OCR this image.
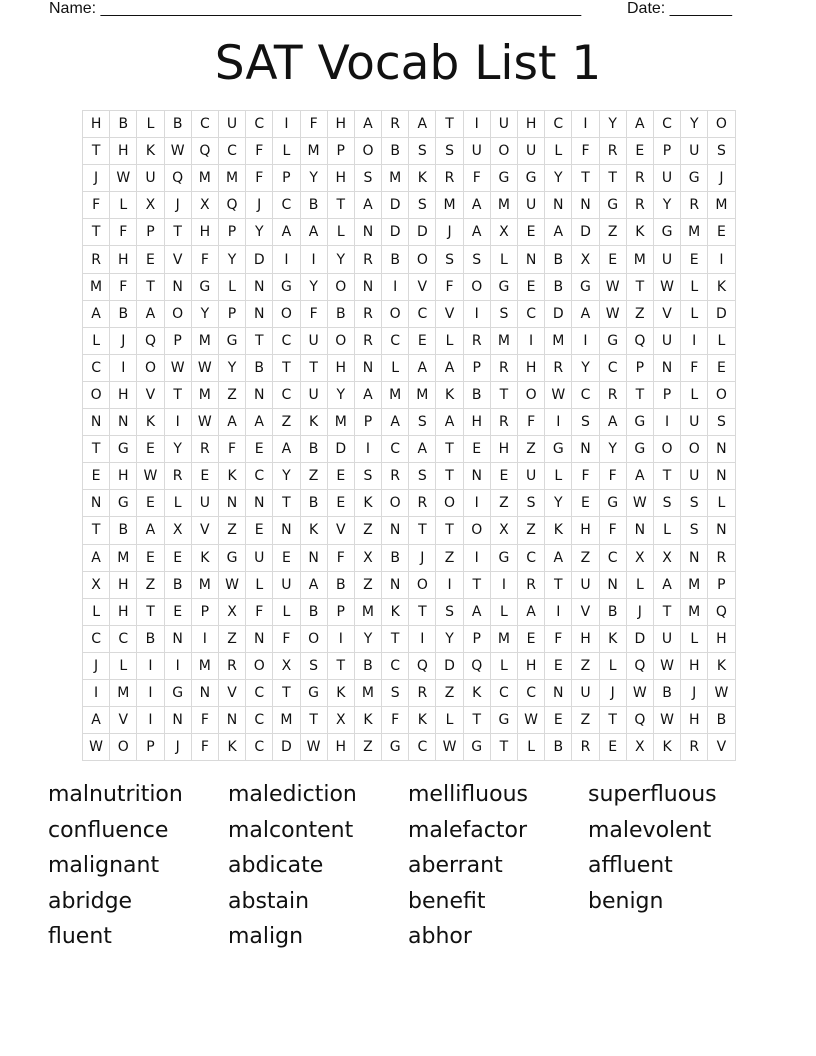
Name: ______________________________________________________	Date: _______
SAT Vocab List 1
H	B	L	B	C	U	C	I	F	H	A	R	A	T	I	U	H	C	I	Y	A	C	Y	O
T	H	K	W	Q	C	F	L	M	P	O	B	S	S	U	O	U	L	F	R	E	P	U	S
J	W	U	Q	M	M	F	P	Y	H	S	M	K	R	F	G	G	Y	T	T	R	U	G	J
F	L	X	J	X	Q	J	C	B	T	A	D	S	M	A	M	U	N	N	G	R	Y	R	M
T	F	P	T	H	P	Y	A	A	L	N	D	D	J	A	X	E	A	D	Z	K	G	M	E
R	H	E	V	F	Y	D	I	I	Y	R	B	O	S	S	L	N	B	X	E	M	U	E	I
M	F	T	N	G	L	N	G	Y	O	N	I	V	F	O	G	E	B	G	W	T	W	L	K
A	B	A	O	Y	P	N	O	F	B	R	O	C	V	I	S	C	D	A	W	Z	V	L	D
L	J	Q	P	M	G	T	C	U	O	R	C	E	L	R	M	I	M	I	G	Q	U	I	L
C	I	O	W	W	Y	B	T	T	H	N	L	A	A	P	R	H	R	Y	C	P	N	F	E
O	H	V	T	M	Z	N	C	U	Y	A	M	M	K	B	T	O	W	C	R	T	P	L	O
N	N	K	I	W	A	A	Z	K	M	P	A	S	A	H	R	F	I	S	A	G	I	U	S
T	G	E	Y	R	F	E	A	B	D	I	C	A	T	E	H	Z	G	N	Y	G	O	O	N
E	H	W	R	E	K	C	Y	Z	E	S	R	S	T	N	E	U	L	F	F	A	T	U	N
N	G	E	L	U	N	N	T	B	E	K	O	R	O	I	Z	S	Y	E	G	W	S	S	L
T	B	A	X	V	Z	E	N	K	V	Z	N	T	T	O	X	Z	K	H	F	N	L	S	N
A	M	E	E	K	G	U	E	N	F	X	B	J	Z	I	G	C	A	Z	C	X	X	N	R
X	H	Z	B	M	W	L	U	A	B	Z	N	O	I	T	I	R	T	U	N	L	A	M	P
L	H	T	E	P	X	F	L	B	P	M	K	T	S	A	L	A	I	V	B	J	T	M	Q
C	C	B	N	I	Z	N	F	O	I	Y	T	I	Y	P	M	E	F	H	K	D	U	L	H
J	L	I	I	M	R	O	X	S	T	B	C	Q	D	Q	L	H	E	Z	L	Q	W	H	K
I	M	I	G	N	V	C	T	G	K	M	S	R	Z	K	C	C	N	U	J	W	B	J	W
A	V	I	N	F	N	C	M	T	X	K	F	K	L	T	G	W	E	Z	T	Q	W	H	B
W	O	P	J	F	K	C	D	W	H	Z	G	C	W	G	T	L	B	R	E	X	K	R	V
malnutrition	malediction	mellifluous	superfluous
confluence	malcontent	malefactor	malevolent
malignant	abdicate	aberrant	affluent
abridge	abstain	benefit	benign
fluent	malign	abhor
